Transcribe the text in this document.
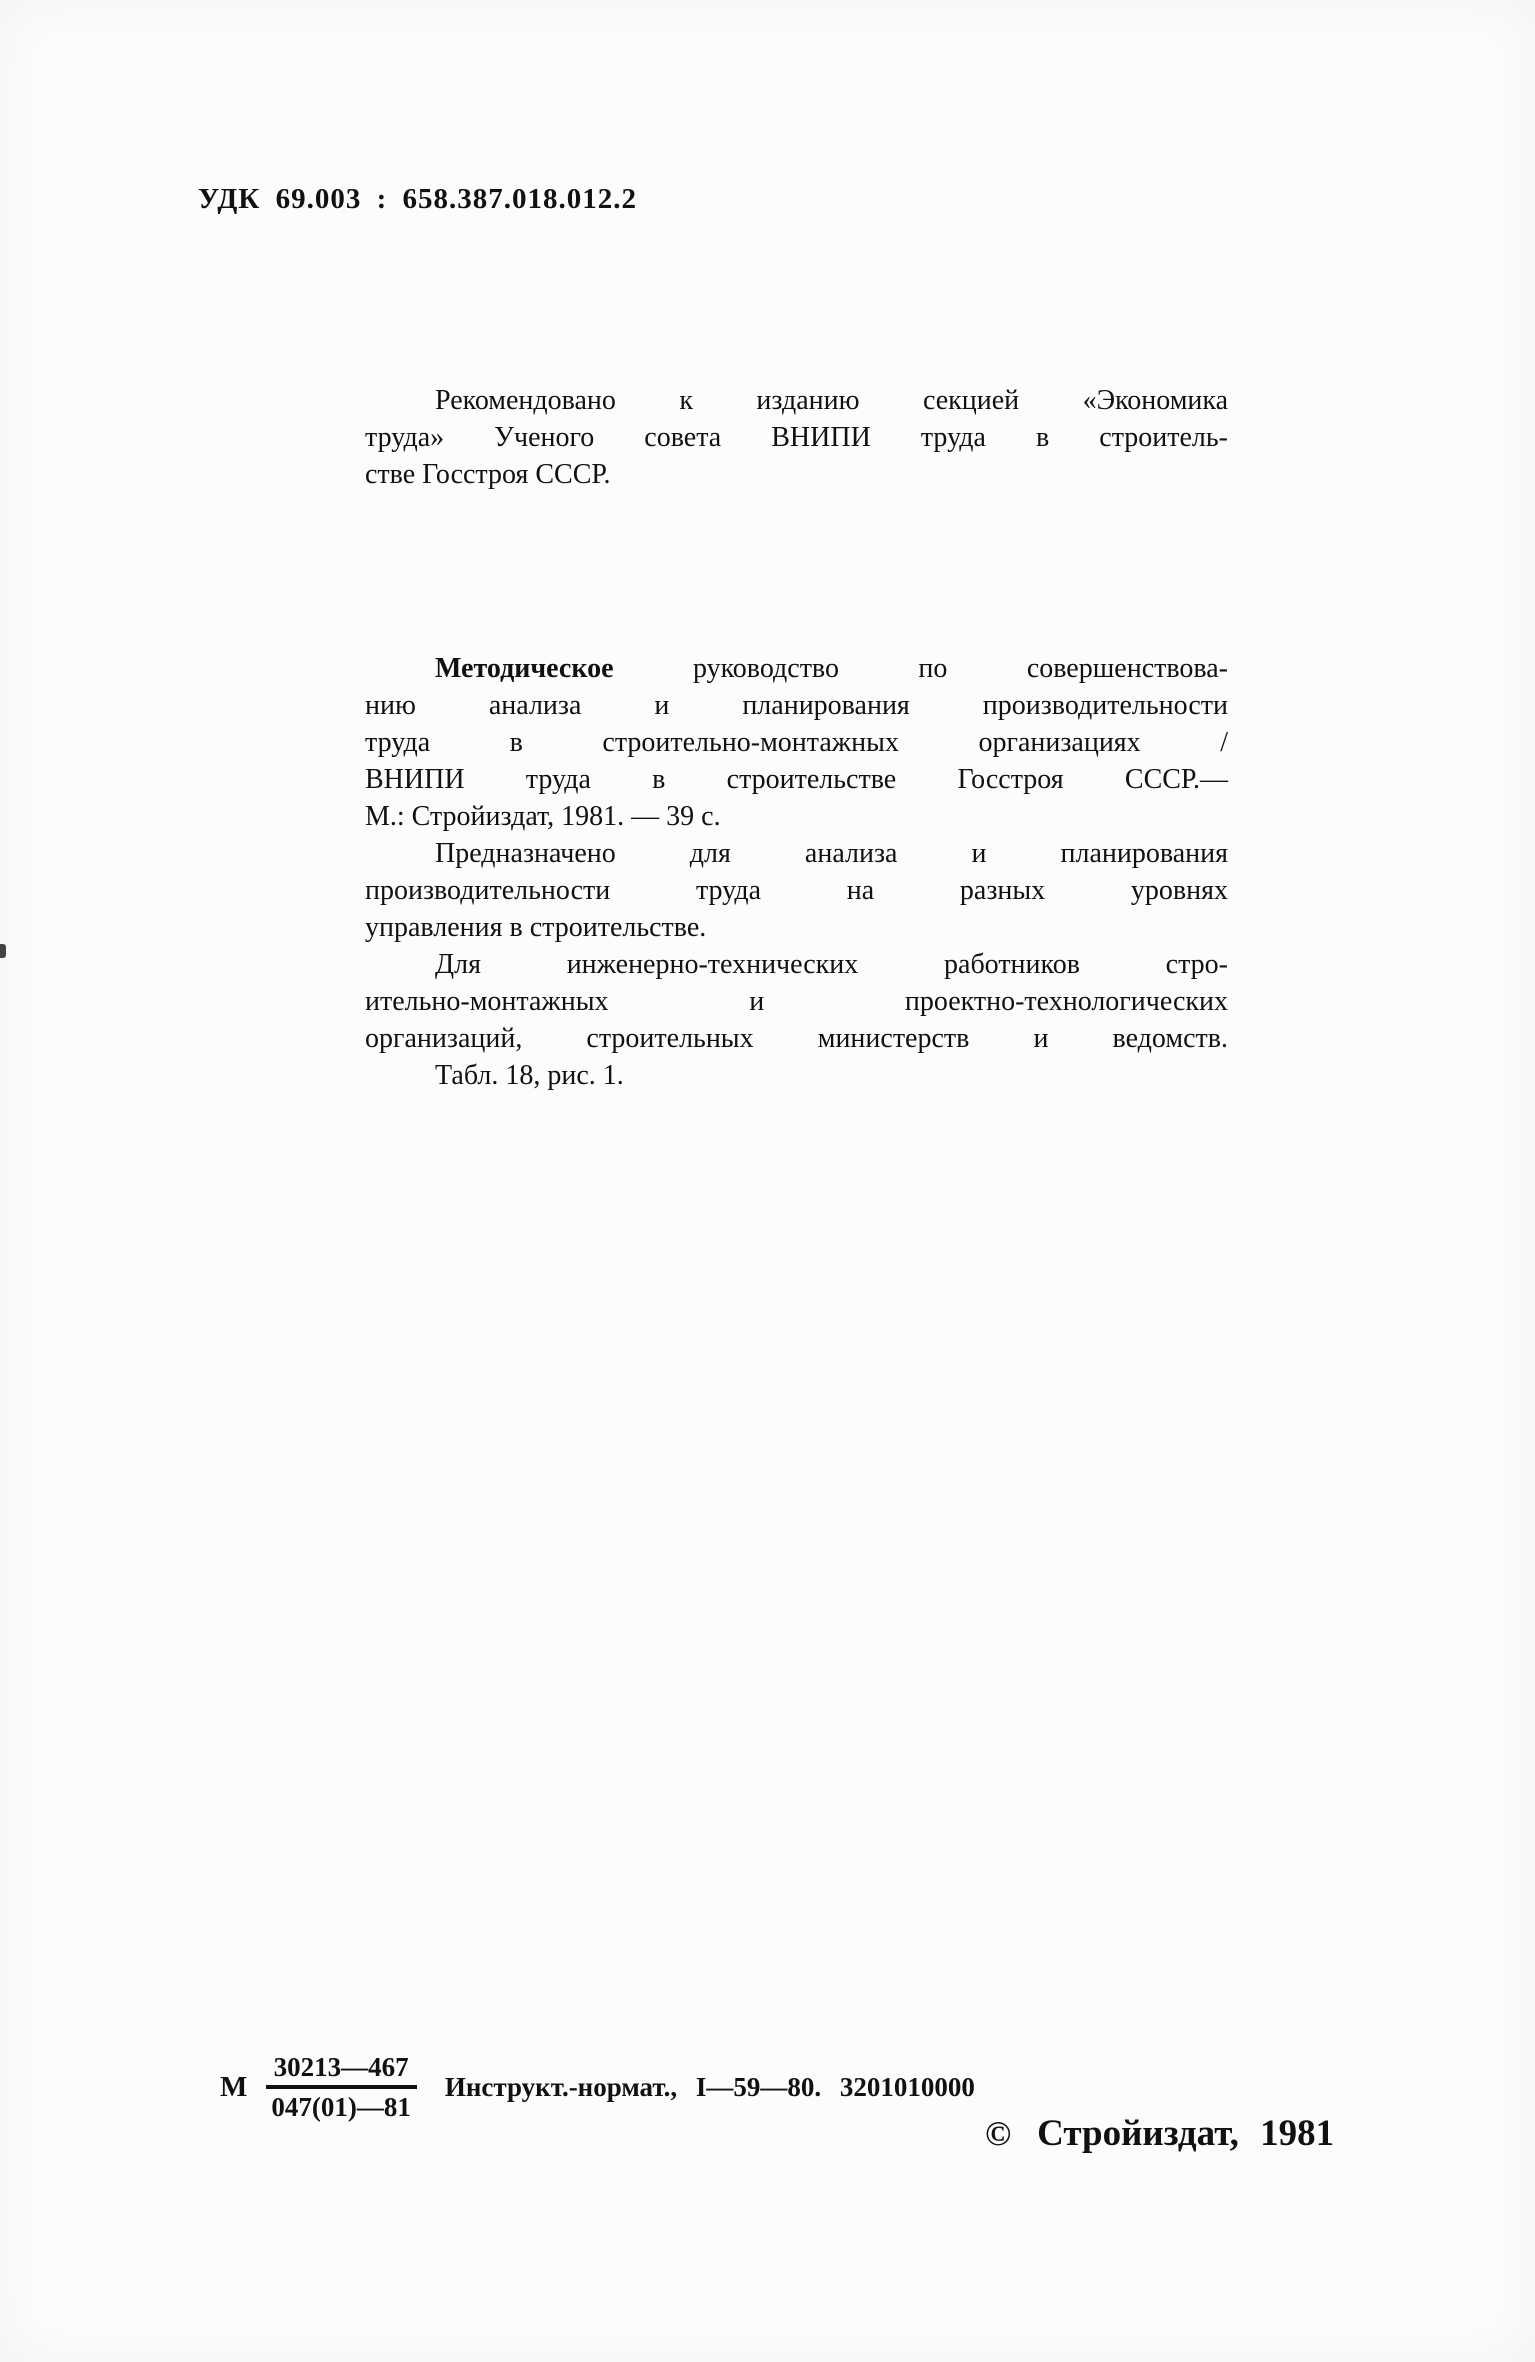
УДК 69.003 : 658.387.018.012.2
Рекомендовано к изданию секцией «Экономика
труда» Ученого совета ВНИПИ труда в строитель-
стве Госстроя СССР.
Методическое руководство по совершенствова-
нию анализа и планирования производительности
труда в строительно-монтажных организациях /
ВНИПИ труда в строительстве Госстроя СССР.—
М.: Стройиздат, 1981. — 39 с.
Предназначено для анализа и планирования
производительности труда на разных уровнях
управления в строительстве.
Для инженерно-технических работников стро-
ительно-монтажных и проектно-технологических
организаций, строительных министерств и ведомств.
Табл. 18, рис. 1.
М $\frac{30213—467}{047(01)—81}$ Инструкт.-нормат., I—59—80. 3201010000
© Стройиздат, 1981
